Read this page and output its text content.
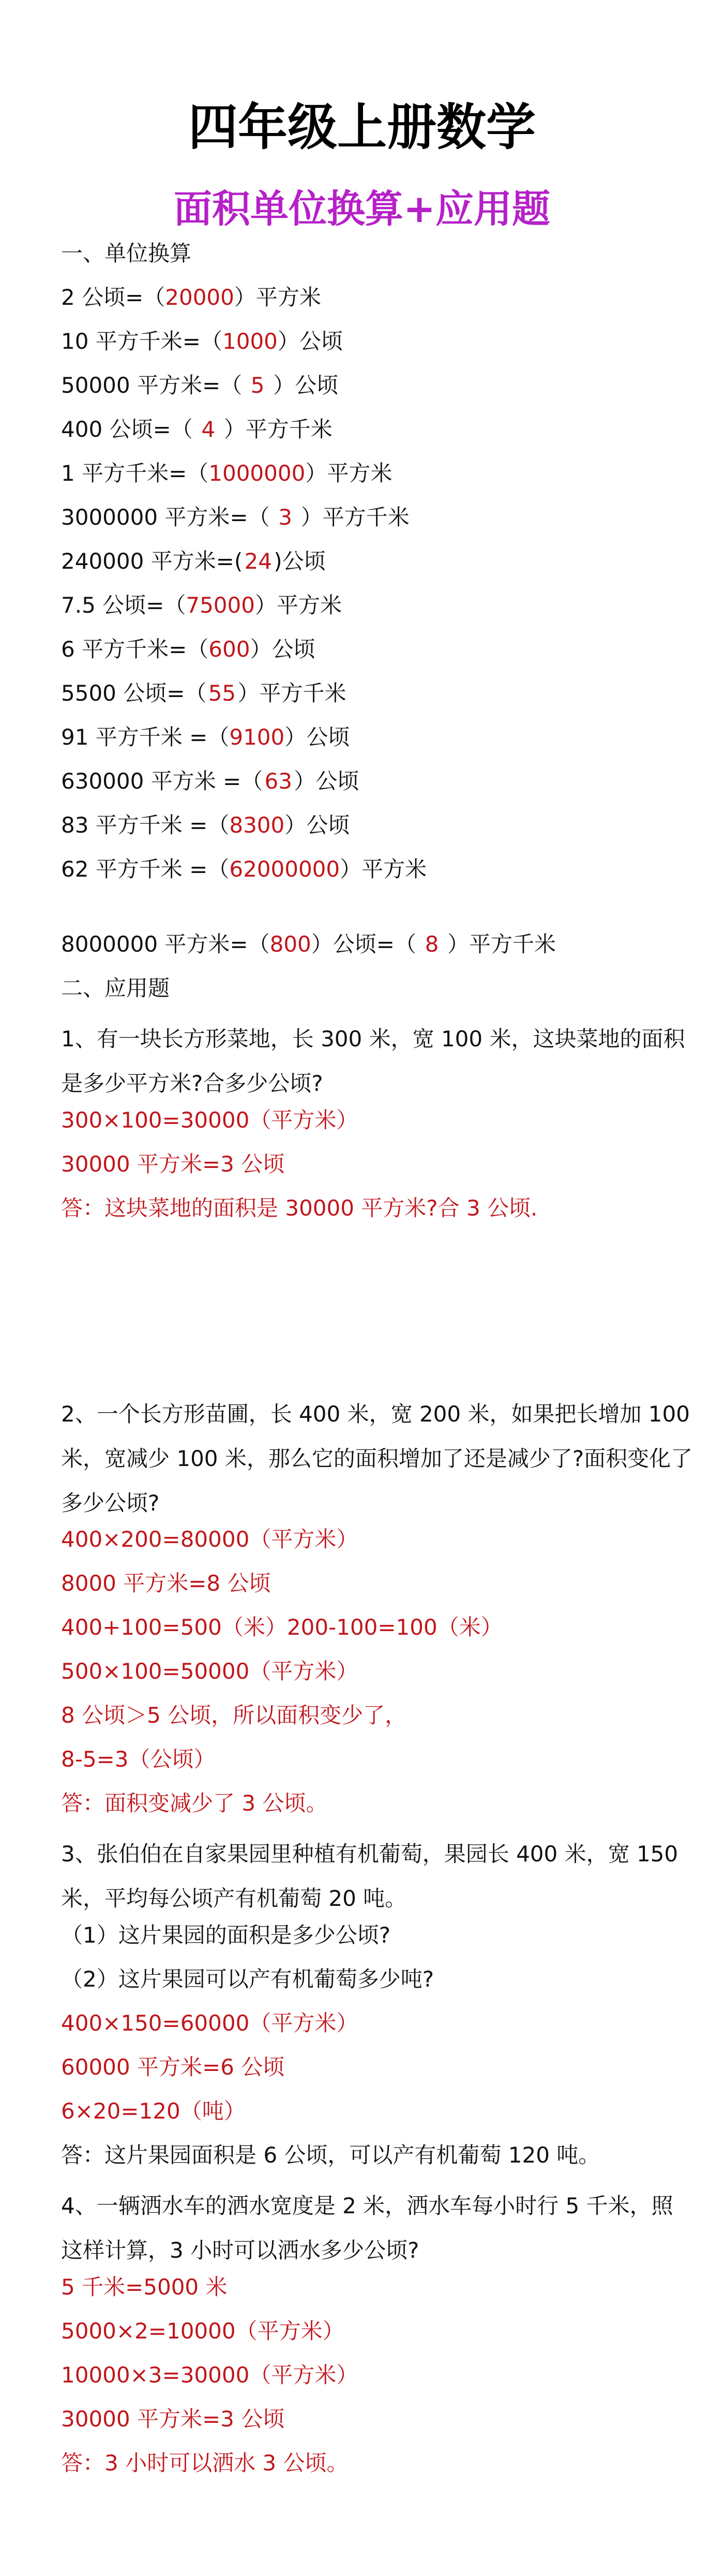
四年级上册数学
面积单位换算+应用题
一、单位换算
2 公顷=（20000）平方米
10 平方千米=（1000）公顷
50000 平方米=（ 5 ）公顷
400 公顷=（ 4 ）平方千米
1 平方千米=（1000000）平方米
3000000 平方米=（ 3 ）平方千米
240000 平方米=(24)公顷
7.5 公顷=（75000）平方米
6 平方千米=（600）公顷
5500 公顷=（55）平方千米
91 平方千米 =（9100）公顷
630000 平方米 =（63）公顷
83 平方千米 =（8300）公顷
62 平方千米 =（62000000）平方米
8000000 平方米=（800）公顷=（ 8 ）平方千米
二、应用题
1、有一块长方形菜地，长 300 米，宽 100 米，这块菜地的面积是多少平方米?合多少公顷?
300×100=30000（平方米）
30000 平方米=3 公顷
答：这块菜地的面积是 30000 平方米?合 3 公顷.
2、一个长方形苗圃，长 400 米，宽 200 米，如果把长增加 100 米，宽减少 100 米，那么它的面积增加了还是减少了?面积变化了多少公顷?
400×200=80000（平方米）
8000 平方米=8 公顷
400+100=500（米）200-100=100（米）
500×100=50000（平方米）
8 公顷＞5 公顷，所以面积变少了，
8-5=3（公顷）
答：面积变减少了 3 公顷。
3、张伯伯在自家果园里种植有机葡萄，果园长 400 米，宽 150 米，平均每公顷产有机葡萄 20 吨。
（1）这片果园的面积是多少公顷?
（2）这片果园可以产有机葡萄多少吨?
400×150=60000（平方米）
60000 平方米=6 公顷
6×20=120（吨）
答：这片果园面积是 6 公顷，可以产有机葡萄 120 吨。
4、一辆洒水车的洒水宽度是 2 米，洒水车每小时行 5 千米，照这样计算，3 小时可以洒水多少公顷?
5 千米=5000 米
5000×2=10000（平方米）
10000×3=30000（平方米）
30000 平方米=3 公顷
答：3 小时可以洒水 3 公顷。
